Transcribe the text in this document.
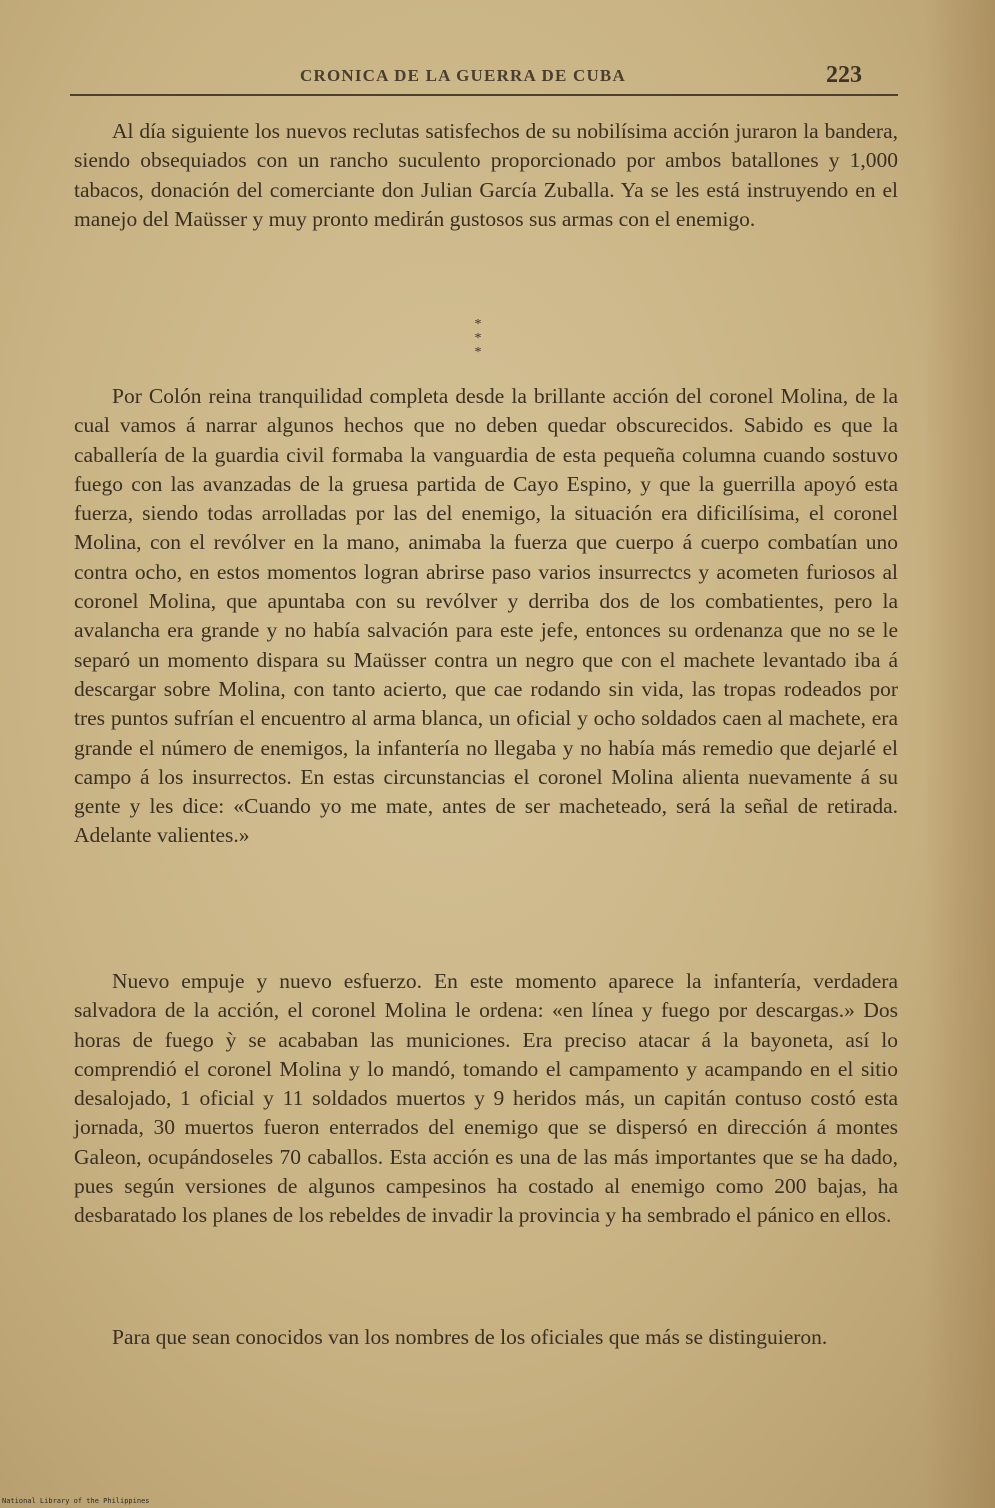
CRONICA DE LA GUERRA DE CUBA	223

Al día siguiente los nuevos reclutas satisfechos de su nobilísima acción juraron la bandera, siendo obsequiados con un rancho suculento proporcionado por ambos batallones y 1,000 tabacos, donación del comerciante don Julian García Zuballa. Ya se les está instruyendo en el manejo del Maüsser y muy pronto medirán gustosos sus armas con el enemigo.

*
* *

Por Colón reina tranquilidad completa desde la brillante acción del coronel Molina, de la cual vamos á narrar algunos hechos que no deben quedar obscurecidos. Sabido es que la caballería de la guardia civil formaba la vanguardia de esta pequeña columna cuando sostuvo fuego con las avanzadas de la gruesa partida de Cayo Espino, y que la guerrilla apoyó esta fuerza, siendo todas arrolladas por las del enemigo, la situación era dificilísima, el coronel Molina, con el revólver en la mano, animaba la fuerza que cuerpo á cuerpo combatían uno contra ocho, en estos momentos logran abrirse paso varios insurrectcs y acometen furiosos al coronel Molina, que apuntaba con su revólver y derriba dos de los combatientes, pero la avalancha era grande y no había salvación para este jefe, entonces su ordenanza que no se le separó un momento dispara su Maüsser contra un negro que con el machete levantado iba á descargar sobre Molina, con tanto acierto, que cae rodando sin vida, las tropas rodeados por tres puntos sufrían el encuentro al arma blanca, un oficial y ocho soldados caen al machete, era grande el número de enemigos, la infantería no llegaba y no había más remedio que dejarlé el campo á los insurrectos. En estas circunstancias el coronel Molina alienta nuevamente á su gente y les dice: «Cuando yo me mate, antes de ser macheteado, será la señal de retirada. Adelante valientes.»

Nuevo empuje y nuevo esfuerzo. En este momento aparece la infantería, verdadera salvadora de la acción, el coronel Molina le ordena: «en línea y fuego por descargas.» Dos horas de fuego ỳ se acababan las municiones. Era preciso atacar á la bayoneta, así lo comprendió el coronel Molina y lo mandó, tomando el campamento y acampando en el sitio desalojado, 1 oficial y 11 soldados muertos y 9 heridos más, un capitán contuso costó esta jornada, 30 muertos fueron enterrados del enemigo que se dispersó en dirección á montes Galeon, ocupándoseles 70 caballos. Esta acción es una de las más importantes que se ha dado, pues según versiones de algunos campesinos ha costado al enemigo como 200 bajas, ha desbaratado los planes de los rebeldes de invadir la provincia y ha sembrado el pánico en ellos.

Para que sean conocidos van los nombres de los oficiales que más se distinguieron.

National Library of the Philippines
